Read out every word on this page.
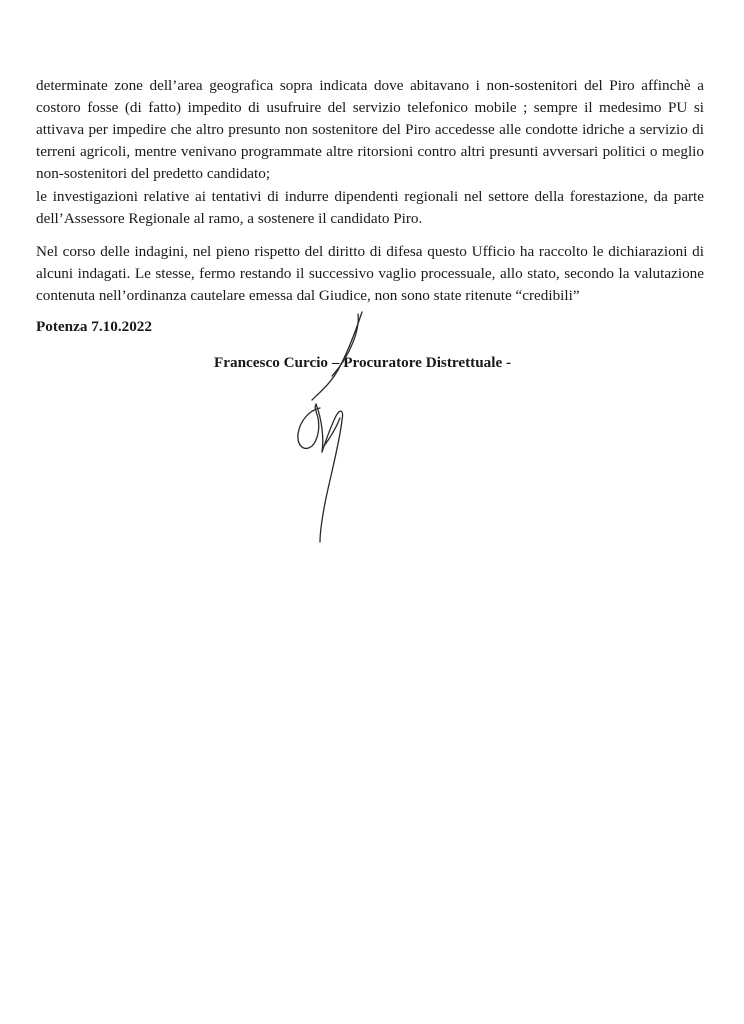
determinate zone dell’area geografica sopra indicata dove abitavano i non-sostenitori del Piro affinchè a costoro fosse (di fatto) impedito di usufruire del servizio telefonico mobile ; sempre il medesimo PU si attivava per impedire che altro presunto non sostenitore del Piro accedesse alle condotte idriche a servizio di terreni agricoli, mentre venivano programmate altre ritorsioni contro altri presunti avversari politici o meglio non-sostenitori del predetto candidato;

le investigazioni relative ai tentativi di indurre dipendenti regionali nel settore della forestazione, da parte dell’Assessore Regionale al ramo, a sostenere il candidato Piro.

Nel corso delle indagini, nel pieno rispetto del diritto di difesa questo Ufficio ha raccolto le dichiarazioni di alcuni indagati. Le stesse, fermo restando il successivo vaglio processuale, allo stato, secondo la valutazione contenuta nell’ordinanza cautelare emessa dal Giudice, non sono state ritenute “credibili”

Potenza 7.10.2022

Francesco Curcio – Procuratore Distrettuale -
